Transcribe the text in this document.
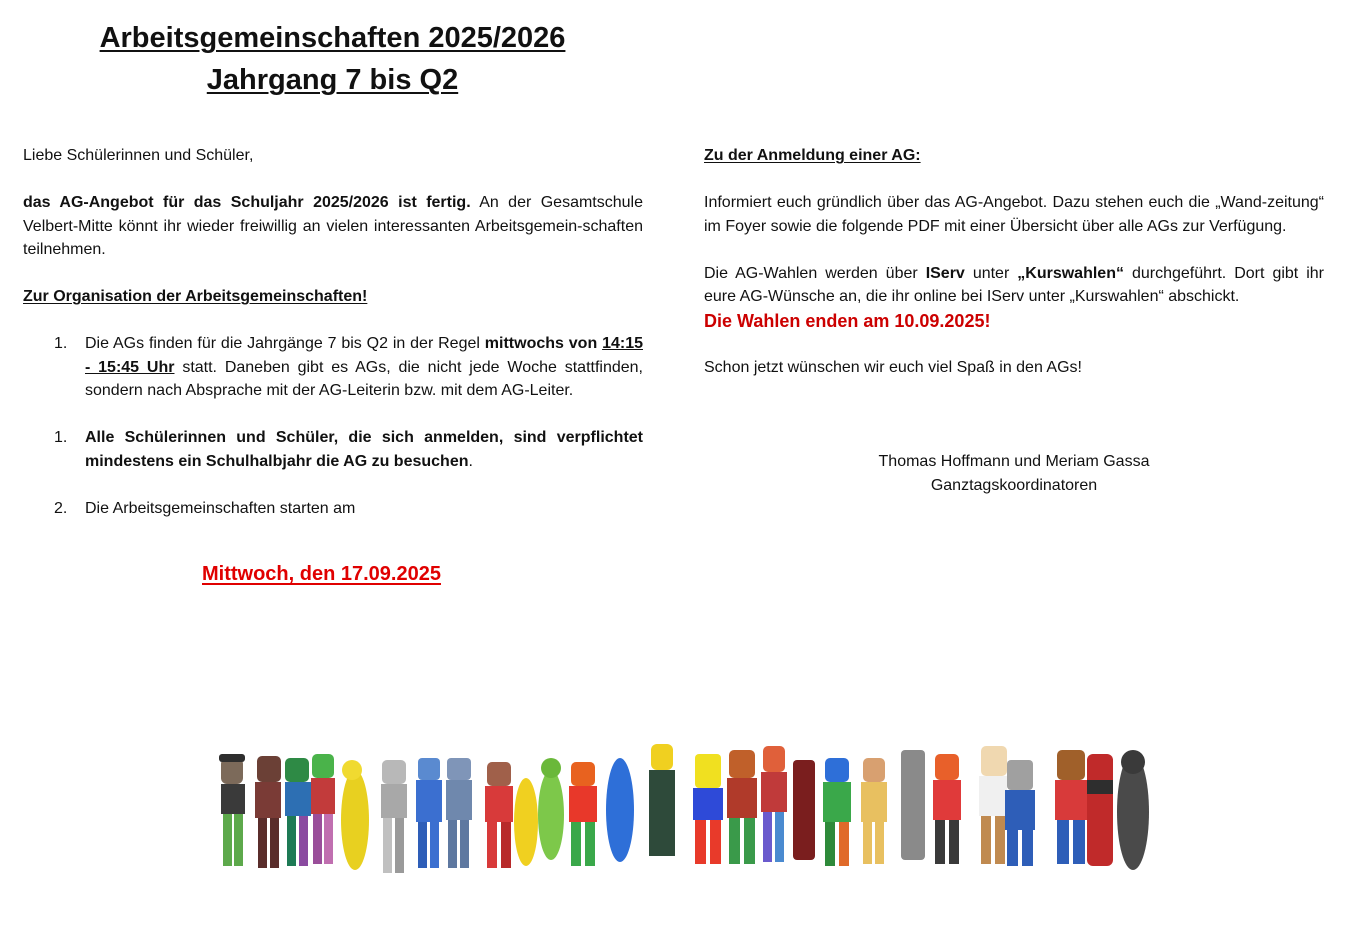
Arbeitsgemeinschaften 2025/2026
Jahrgang 7 bis Q2

Liebe Schülerinnen und Schüler,

das AG-Angebot für das Schuljahr 2025/2026 ist fertig. An der Gesamtschule Velbert-Mitte könnt ihr wieder freiwillig an vielen interessanten Arbeitsgemein-schaften teilnehmen.

Zur Organisation der Arbeitsgemeinschaften!

1. Die AGs finden für die Jahrgänge 7 bis Q2 in der Regel mittwochs von 14:15 - 15:45 Uhr statt. Daneben gibt es AGs, die nicht jede Woche stattfinden, sondern nach Absprache mit der AG-Leiterin bzw. mit dem AG-Leiter.
1. Alle Schülerinnen und Schüler, die sich anmelden, sind verpflichtet mindestens ein Schulhalbjahr die AG zu besuchen.
2. Die Arbeitsgemeinschaften starten am
Mittwoch, den 17.09.2025

Zu der Anmeldung einer AG:

Informiert euch gründlich über das AG-Angebot. Dazu stehen euch die „Wand-zeitung“ im Foyer sowie die folgende PDF mit einer Übersicht über alle AGs zur Verfügung.

Die AG-Wahlen werden über IServ unter „Kurswahlen“ durchgeführt. Dort gibt ihr eure AG-Wünsche an, die ihr online bei IServ unter „Kurswahlen“ abschickt.

Die Wahlen enden am 10.09.2025!

Schon jetzt wünschen wir euch viel Spaß in den AGs!

Thomas Hoffmann und Meriam Gassa

Ganztagskoordinatoren
